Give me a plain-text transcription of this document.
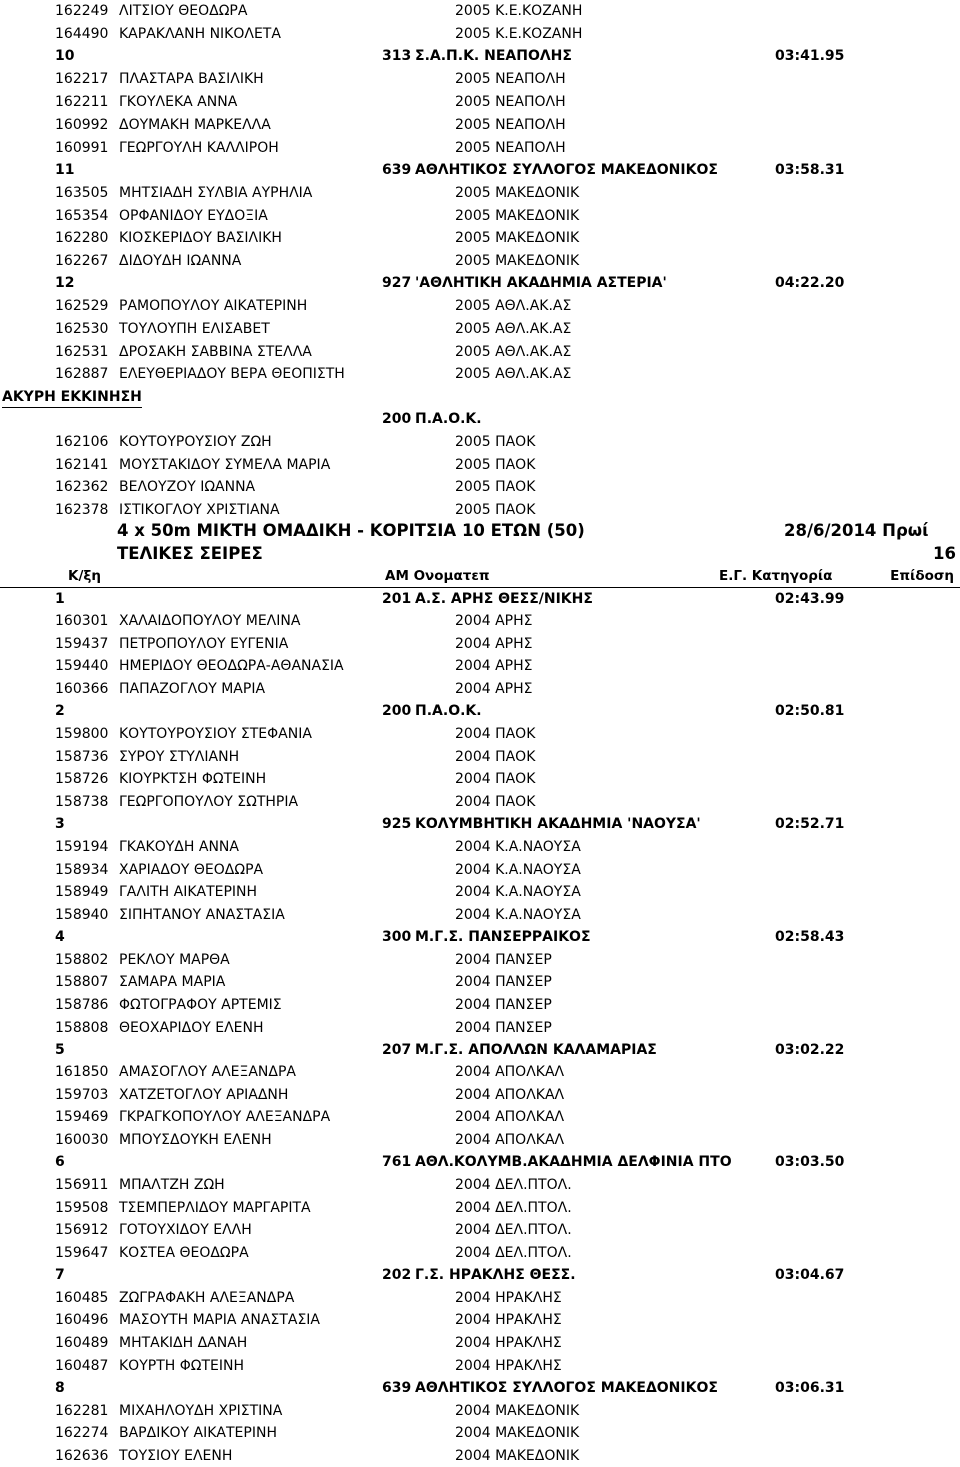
162249 ΛΙΤΣΙΟΥ ΘΕΟΔΩΡΑ	2005 Κ.Ε.ΚΟΖΑΝΗ
164490 ΚΑΡΑΚΛΑΝΗ ΝΙΚΟΛΕΤΑ	2005 Κ.Ε.ΚΟΖΑΝΗ
10	313 Σ.Α.Π.Κ. ΝΕΑΠΟΛΗΣ	03:41.95
162217 ΠΛΑΣΤΑΡΑ ΒΑΣΙΛΙΚΗ	2005 ΝΕΑΠΟΛΗ
162211 ΓΚΟΥΛΕΚΑ ΑΝΝΑ	2005 ΝΕΑΠΟΛΗ
160992 ΔΟΥΜΑΚΗ ΜΑΡΚΕΛΛΑ	2005 ΝΕΑΠΟΛΗ
160991 ΓΕΩΡΓΟΥΛΗ ΚΑΛΛΙΡΟΗ	2005 ΝΕΑΠΟΛΗ
11	639 ΑΘΛΗΤΙΚΟΣ ΣΥΛΛΟΓΟΣ ΜΑΚΕΔΟΝΙΚΟΣ	03:58.31
163505 ΜΗΤΣΙΑΔΗ ΣΥΛΒΙΑ ΑΥΡΗΛΙΑ	2005 ΜΑΚΕΔΟΝΙΚ
165354 ΟΡΦΑΝΙΔΟΥ ΕΥΔΟΞΙΑ	2005 ΜΑΚΕΔΟΝΙΚ
162280 ΚΙΟΣΚΕΡΙΔΟΥ ΒΑΣΙΛΙΚΗ	2005 ΜΑΚΕΔΟΝΙΚ
162267 ΔΙΔΟΥΔΗ ΙΩΑΝΝΑ	2005 ΜΑΚΕΔΟΝΙΚ
12	927 'ΑΘΛΗΤΙΚΗ ΑΚΑΔΗΜΙΑ ΑΣΤΕΡΙΑ'	04:22.20
162529 ΡΑΜΟΠΟΥΛΟΥ ΑΙΚΑΤΕΡΙΝΗ	2005 ΑΘΛ.ΑΚ.ΑΣ
162530 ΤΟΥΛΟΥΠΗ ΕΛΙΣΑΒΕΤ	2005 ΑΘΛ.ΑΚ.ΑΣ
162531 ΔΡΟΣΑΚΗ ΣΑΒΒΙΝΑ ΣΤΕΛΛΑ	2005 ΑΘΛ.ΑΚ.ΑΣ
162887 ΕΛΕΥΘΕΡΙΑΔΟΥ ΒΕΡΑ ΘΕΟΠΙΣΤΗ	2005 ΑΘΛ.ΑΚ.ΑΣ
ΑΚΥΡΗ ΕΚΚΙΝΗΣΗ
200 Π.Α.Ο.Κ.
162106 ΚΟΥΤΟΥΡΟΥΣΙΟΥ ΖΩΗ	2005 ΠΑΟΚ
162141 ΜΟΥΣΤΑΚΙΔΟΥ ΣΥΜΕΛΑ ΜΑΡΙΑ	2005 ΠΑΟΚ
162362 ΒΕΛΟΥΖΟΥ ΙΩΑΝΝΑ	2005 ΠΑΟΚ
162378 ΙΣΤΙΚΟΓΛΟΥ ΧΡΙΣΤΙΑΝΑ	2005 ΠΑΟΚ
4 x 50m ΜΙΚΤΗ ΟΜΑΔΙΚΗ - ΚΟΡΙΤΣΙΑ 10 ΕΤΩΝ (50)	28/6/2014 Πρωί
ΤΕΛΙΚΕΣ ΣΕΙΡΕΣ	16
Κ/ξη	ΑΜ Ονοματεπ	Ε.Γ. Κατηγορία	Επίδοση
1	201 Α.Σ. ΑΡΗΣ ΘΕΣΣ/ΝΙΚΗΣ	02:43.99
160301 ΧΑΛΑΙΔΟΠΟΥΛΟΥ ΜΕΛΙΝΑ	2004 ΑΡΗΣ
159437 ΠΕΤΡΟΠΟΥΛΟΥ ΕΥΓΕΝΙΑ	2004 ΑΡΗΣ
159440 ΗΜΕΡΙΔΟΥ ΘΕΟΔΩΡΑ-ΑΘΑΝΑΣΙΑ	2004 ΑΡΗΣ
160366 ΠΑΠΑΖΟΓΛΟΥ ΜΑΡΙΑ	2004 ΑΡΗΣ
2	200 Π.Α.Ο.Κ.	02:50.81
159800 ΚΟΥΤΟΥΡΟΥΣΙΟΥ ΣΤΕΦΑΝΙΑ	2004 ΠΑΟΚ
158736 ΣΥΡΟΥ ΣΤΥΛΙΑΝΗ	2004 ΠΑΟΚ
158726 ΚΙΟΥΡΚΤΣΗ ΦΩΤΕΙΝΗ	2004 ΠΑΟΚ
158738 ΓΕΩΡΓΟΠΟΥΛΟΥ ΣΩΤΗΡΙΑ	2004 ΠΑΟΚ
3	925 ΚΟΛΥΜΒΗΤΙΚΗ ΑΚΑΔΗΜΙΑ 'ΝΑΟΥΣΑ'	02:52.71
159194 ΓΚΑΚΟΥΔΗ ΑΝΝΑ	2004 Κ.Α.ΝΑΟΥΣΑ
158934 ΧΑΡΙΑΔΟΥ ΘΕΟΔΩΡΑ	2004 Κ.Α.ΝΑΟΥΣΑ
158949 ΓΑΛΙΤΗ ΑΙΚΑΤΕΡΙΝΗ	2004 Κ.Α.ΝΑΟΥΣΑ
158940 ΣΙΠΗΤΑΝΟΥ ΑΝΑΣΤΑΣΙΑ	2004 Κ.Α.ΝΑΟΥΣΑ
4	300 Μ.Γ.Σ. ΠΑΝΣΕΡΡΑΙΚΟΣ	02:58.43
158802 ΡΕΚΛΟΥ ΜΑΡΘΑ	2004 ΠΑΝΣΕΡ
158807 ΣΑΜΑΡΑ ΜΑΡΙΑ	2004 ΠΑΝΣΕΡ
158786 ΦΩΤΟΓΡΑΦΟΥ ΑΡΤΕΜΙΣ	2004 ΠΑΝΣΕΡ
158808 ΘΕΟΧΑΡΙΔΟΥ ΕΛΕΝΗ	2004 ΠΑΝΣΕΡ
5	207 Μ.Γ.Σ. ΑΠΟΛΛΩΝ ΚΑΛΑΜΑΡΙΑΣ	03:02.22
161850 ΑΜΑΣΟΓΛΟΥ ΑΛΕΞΑΝΔΡΑ	2004 ΑΠΟΛΚΑΛ
159703 ΧΑΤΖΕΤΟΓΛΟΥ ΑΡΙΑΔΝΗ	2004 ΑΠΟΛΚΑΛ
159469 ΓΚΡΑΓΚΟΠΟΥΛΟΥ ΑΛΕΞΑΝΔΡΑ	2004 ΑΠΟΛΚΑΛ
160030 ΜΠΟΥΣΔΟΥΚΗ ΕΛΕΝΗ	2004 ΑΠΟΛΚΑΛ
6	761 ΑΘΛ.ΚΟΛΥΜΒ.ΑΚΑΔΗΜΙΑ ΔΕΛΦΙΝΙΑ ΠΤΟ	03:03.50
156911 ΜΠΑΛΤΖΗ ΖΩΗ	2004 ΔΕΛ.ΠΤΟΛ.
159508 ΤΣΕΜΠΕΡΛΙΔΟΥ ΜΑΡΓΑΡΙΤΑ	2004 ΔΕΛ.ΠΤΟΛ.
156912 ΓΟΤΟΥΧΙΔΟΥ ΕΛΛΗ	2004 ΔΕΛ.ΠΤΟΛ.
159647 ΚΟΣΤΕΑ ΘΕΟΔΩΡΑ	2004 ΔΕΛ.ΠΤΟΛ.
7	202 Γ.Σ. ΗΡΑΚΛΗΣ ΘΕΣΣ.	03:04.67
160485 ΖΩΓΡΑΦΑΚΗ ΑΛΕΞΑΝΔΡΑ	2004 ΗΡΑΚΛΗΣ
160496 ΜΑΣΟΥΤΗ ΜΑΡΙΑ ΑΝΑΣΤΑΣΙΑ	2004 ΗΡΑΚΛΗΣ
160489 ΜΗΤΑΚΙΔΗ ΔΑΝΑΗ	2004 ΗΡΑΚΛΗΣ
160487 ΚΟΥΡΤΗ ΦΩΤΕΙΝΗ	2004 ΗΡΑΚΛΗΣ
8	639 ΑΘΛΗΤΙΚΟΣ ΣΥΛΛΟΓΟΣ ΜΑΚΕΔΟΝΙΚΟΣ	03:06.31
162281 ΜΙΧΑΗΛΟΥΔΗ ΧΡΙΣΤΙΝΑ	2004 ΜΑΚΕΔΟΝΙΚ
162274 ΒΑΡΔΙΚΟΥ ΑΙΚΑΤΕΡΙΝΗ	2004 ΜΑΚΕΔΟΝΙΚ
162636 ΤΟΥΣΙΟΥ ΕΛΕΝΗ	2004 ΜΑΚΕΔΟΝΙΚ
